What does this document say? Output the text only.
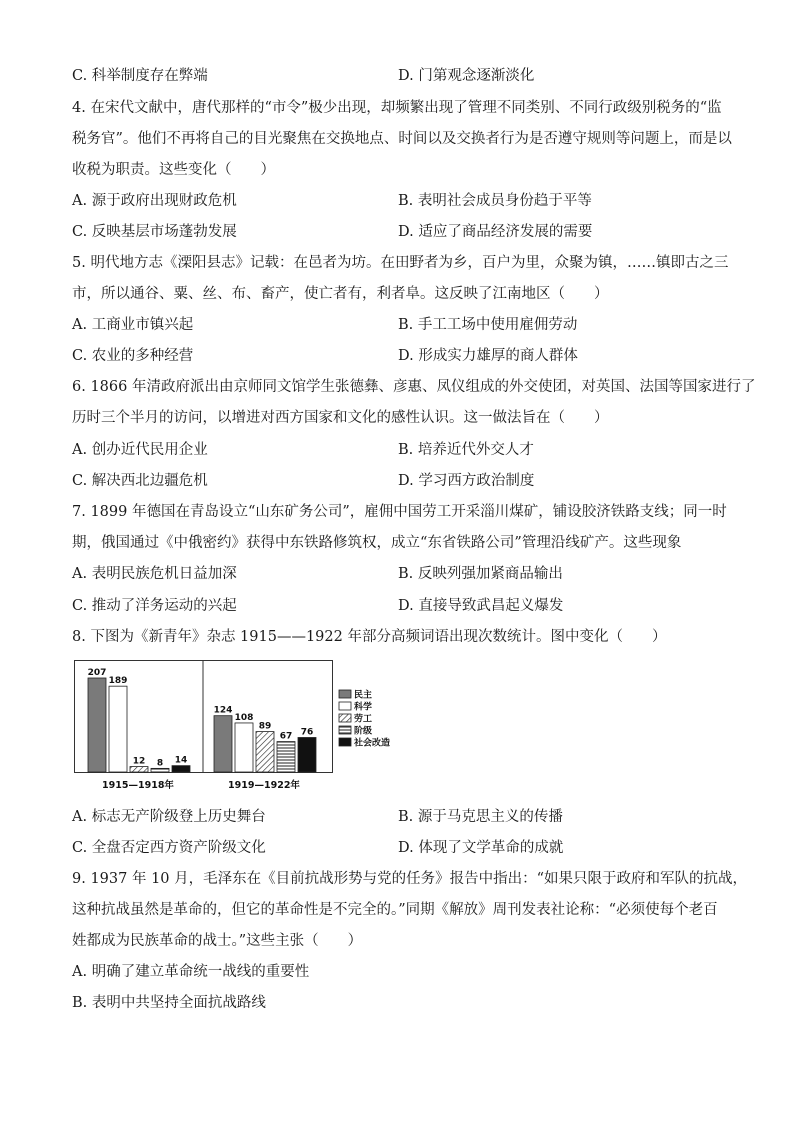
C. 科举制度存在弊端	D. 门第观念逐渐淡化
4. 在宋代文献中，唐代那样的“市令”极少出现，却频繁出现了管理不同类别、不同行政级别税务的“监
税务官”。他们不再将自己的目光聚焦在交换地点、时间以及交换者行为是否遵守规则等问题上，而是以
收税为职责。这些变化（　　）
A. 源于政府出现财政危机	B. 表明社会成员身份趋于平等
C. 反映基层市场蓬勃发展	D. 适应了商品经济发展的需要
5. 明代地方志《溧阳县志》记载：在邑者为坊。在田野者为乡，百户为里，众聚为镇，……镇即古之三
市，所以通谷、粟、丝、布、畜产，使亡者有，利者阜。这反映了江南地区（　　）
A. 工商业市镇兴起	B. 手工工场中使用雇佣劳动
C. 农业的多种经营	D. 形成实力雄厚的商人群体
6. 1866 年清政府派出由京师同文馆学生张德彝、彦惠、凤仪组成的外交使团，对英国、法国等国家进行了
历时三个半月的访问，以增进对西方国家和文化的感性认识。这一做法旨在（　　）
A. 创办近代民用企业	B. 培养近代外交人才
C. 解决西北边疆危机	D. 学习西方政治制度
7. 1899 年德国在青岛设立“山东矿务公司”，雇佣中国劳工开采淄川煤矿，铺设胶济铁路支线；同一时
期，俄国通过《中俄密约》获得中东铁路修筑权，成立“东省铁路公司”管理沿线矿产。这些现象
A. 表明民族危机日益加深	B. 反映列强加紧商品输出
C. 推动了洋务运动的兴起	D. 直接导致武昌起义爆发
8. 下图为《新青年》杂志 1915——1922 年部分高频词语出现次数统计。图中变化（　　）
207
189
12 8 14
124
108
89
67 76
民主
科学
劳工
阶级
社会改造
1915—1918年	1919—1922年
A. 标志无产阶级登上历史舞台	B. 源于马克思主义的传播
C. 全盘否定西方资产阶级文化	D. 体现了文学革命的成就
9. 1937 年 10 月，毛泽东在《目前抗战形势与党的任务》报告中指出：“如果只限于政府和军队的抗战，
这种抗战虽然是革命的，但它的革命性是不完全的。”同期《解放》周刊发表社论称：“必须使每个老百
姓都成为民族革命的战士。”这些主张（　　）
A. 明确了建立革命统一战线的重要性
B. 表明中共坚持全面抗战路线
